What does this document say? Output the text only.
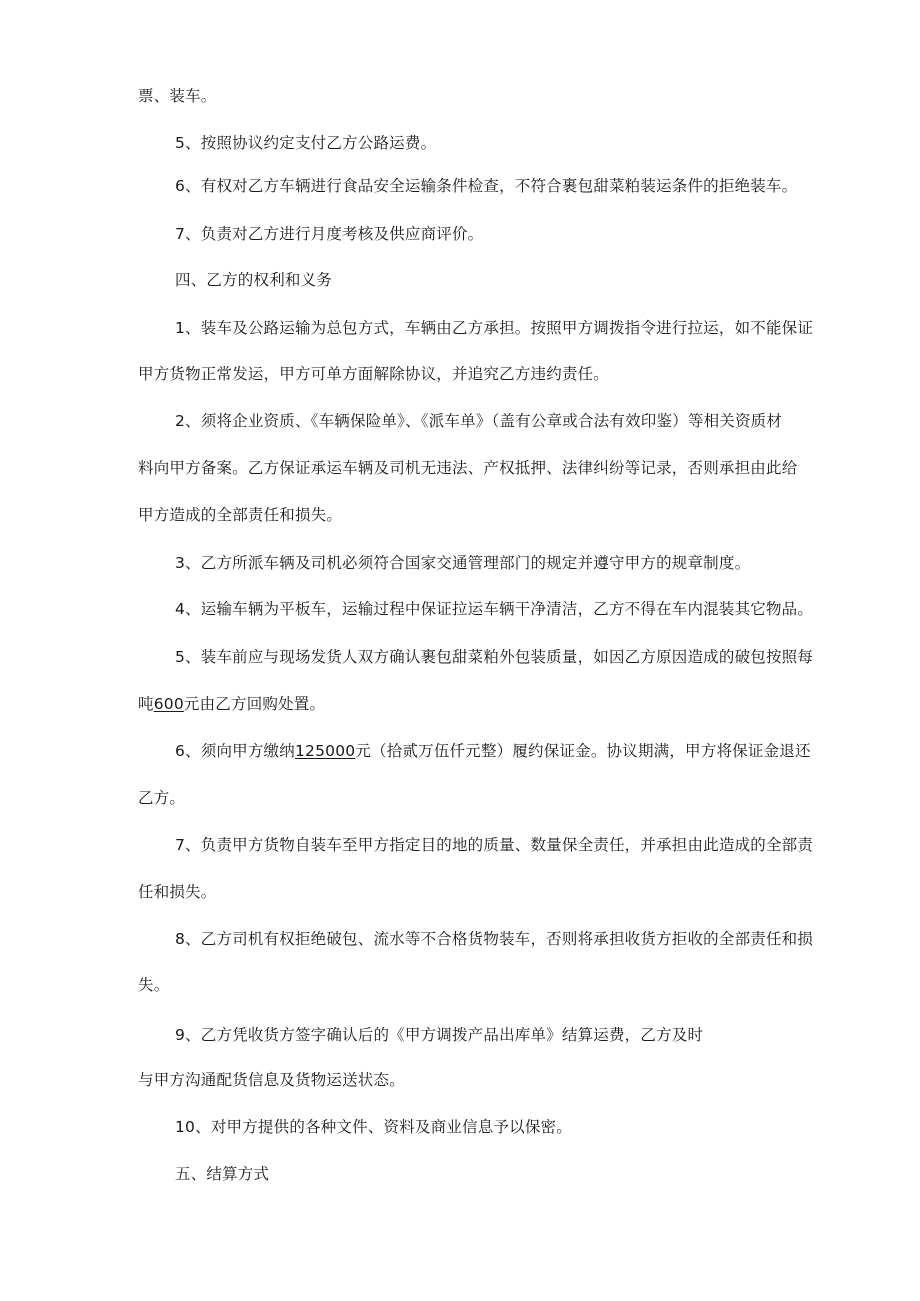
票、装车。
5、按照协议约定支付乙方公路运费。
6、有权对乙方车辆进行食品安全运输条件检查，不符合裹包甜菜粕装运条件的拒绝装车。
7、负责对乙方进行月度考核及供应商评价。
四、乙方的权利和义务
1、装车及公路运输为总包方式，车辆由乙方承担。按照甲方调拨指令进行拉运，如不能保证
甲方货物正常发运，甲方可单方面解除协议，并追究乙方违约责任。
2、须将企业资质、《车辆保险单》、《派车单》（盖有公章或合法有效印鉴）等相关资质材
料向甲方备案。乙方保证承运车辆及司机无违法、产权抵押、法律纠纷等记录，否则承担由此给
甲方造成的全部责任和损失。
3、乙方所派车辆及司机必须符合国家交通管理部门的规定并遵守甲方的规章制度。
4、运输车辆为平板车，运输过程中保证拉运车辆干净清洁，乙方不得在车内混装其它物品。
5、装车前应与现场发货人双方确认裹包甜菜粕外包装质量，如因乙方原因造成的破包按照每
吨600元由乙方回购处置。
6、须向甲方缴纳125000元（拾贰万伍仟元整）履约保证金。协议期满，甲方将保证金退还
乙方。
7、负责甲方货物自装车至甲方指定目的地的质量、数量保全责任，并承担由此造成的全部责
任和损失。
8、乙方司机有权拒绝破包、流水等不合格货物装车，否则将承担收货方拒收的全部责任和损
失。
9、乙方凭收货方签字确认后的《甲方调拨产品出库单》结算运费，乙方及时
与甲方沟通配货信息及货物运送状态。
10、对甲方提供的各种文件、资料及商业信息予以保密。
五、结算方式
